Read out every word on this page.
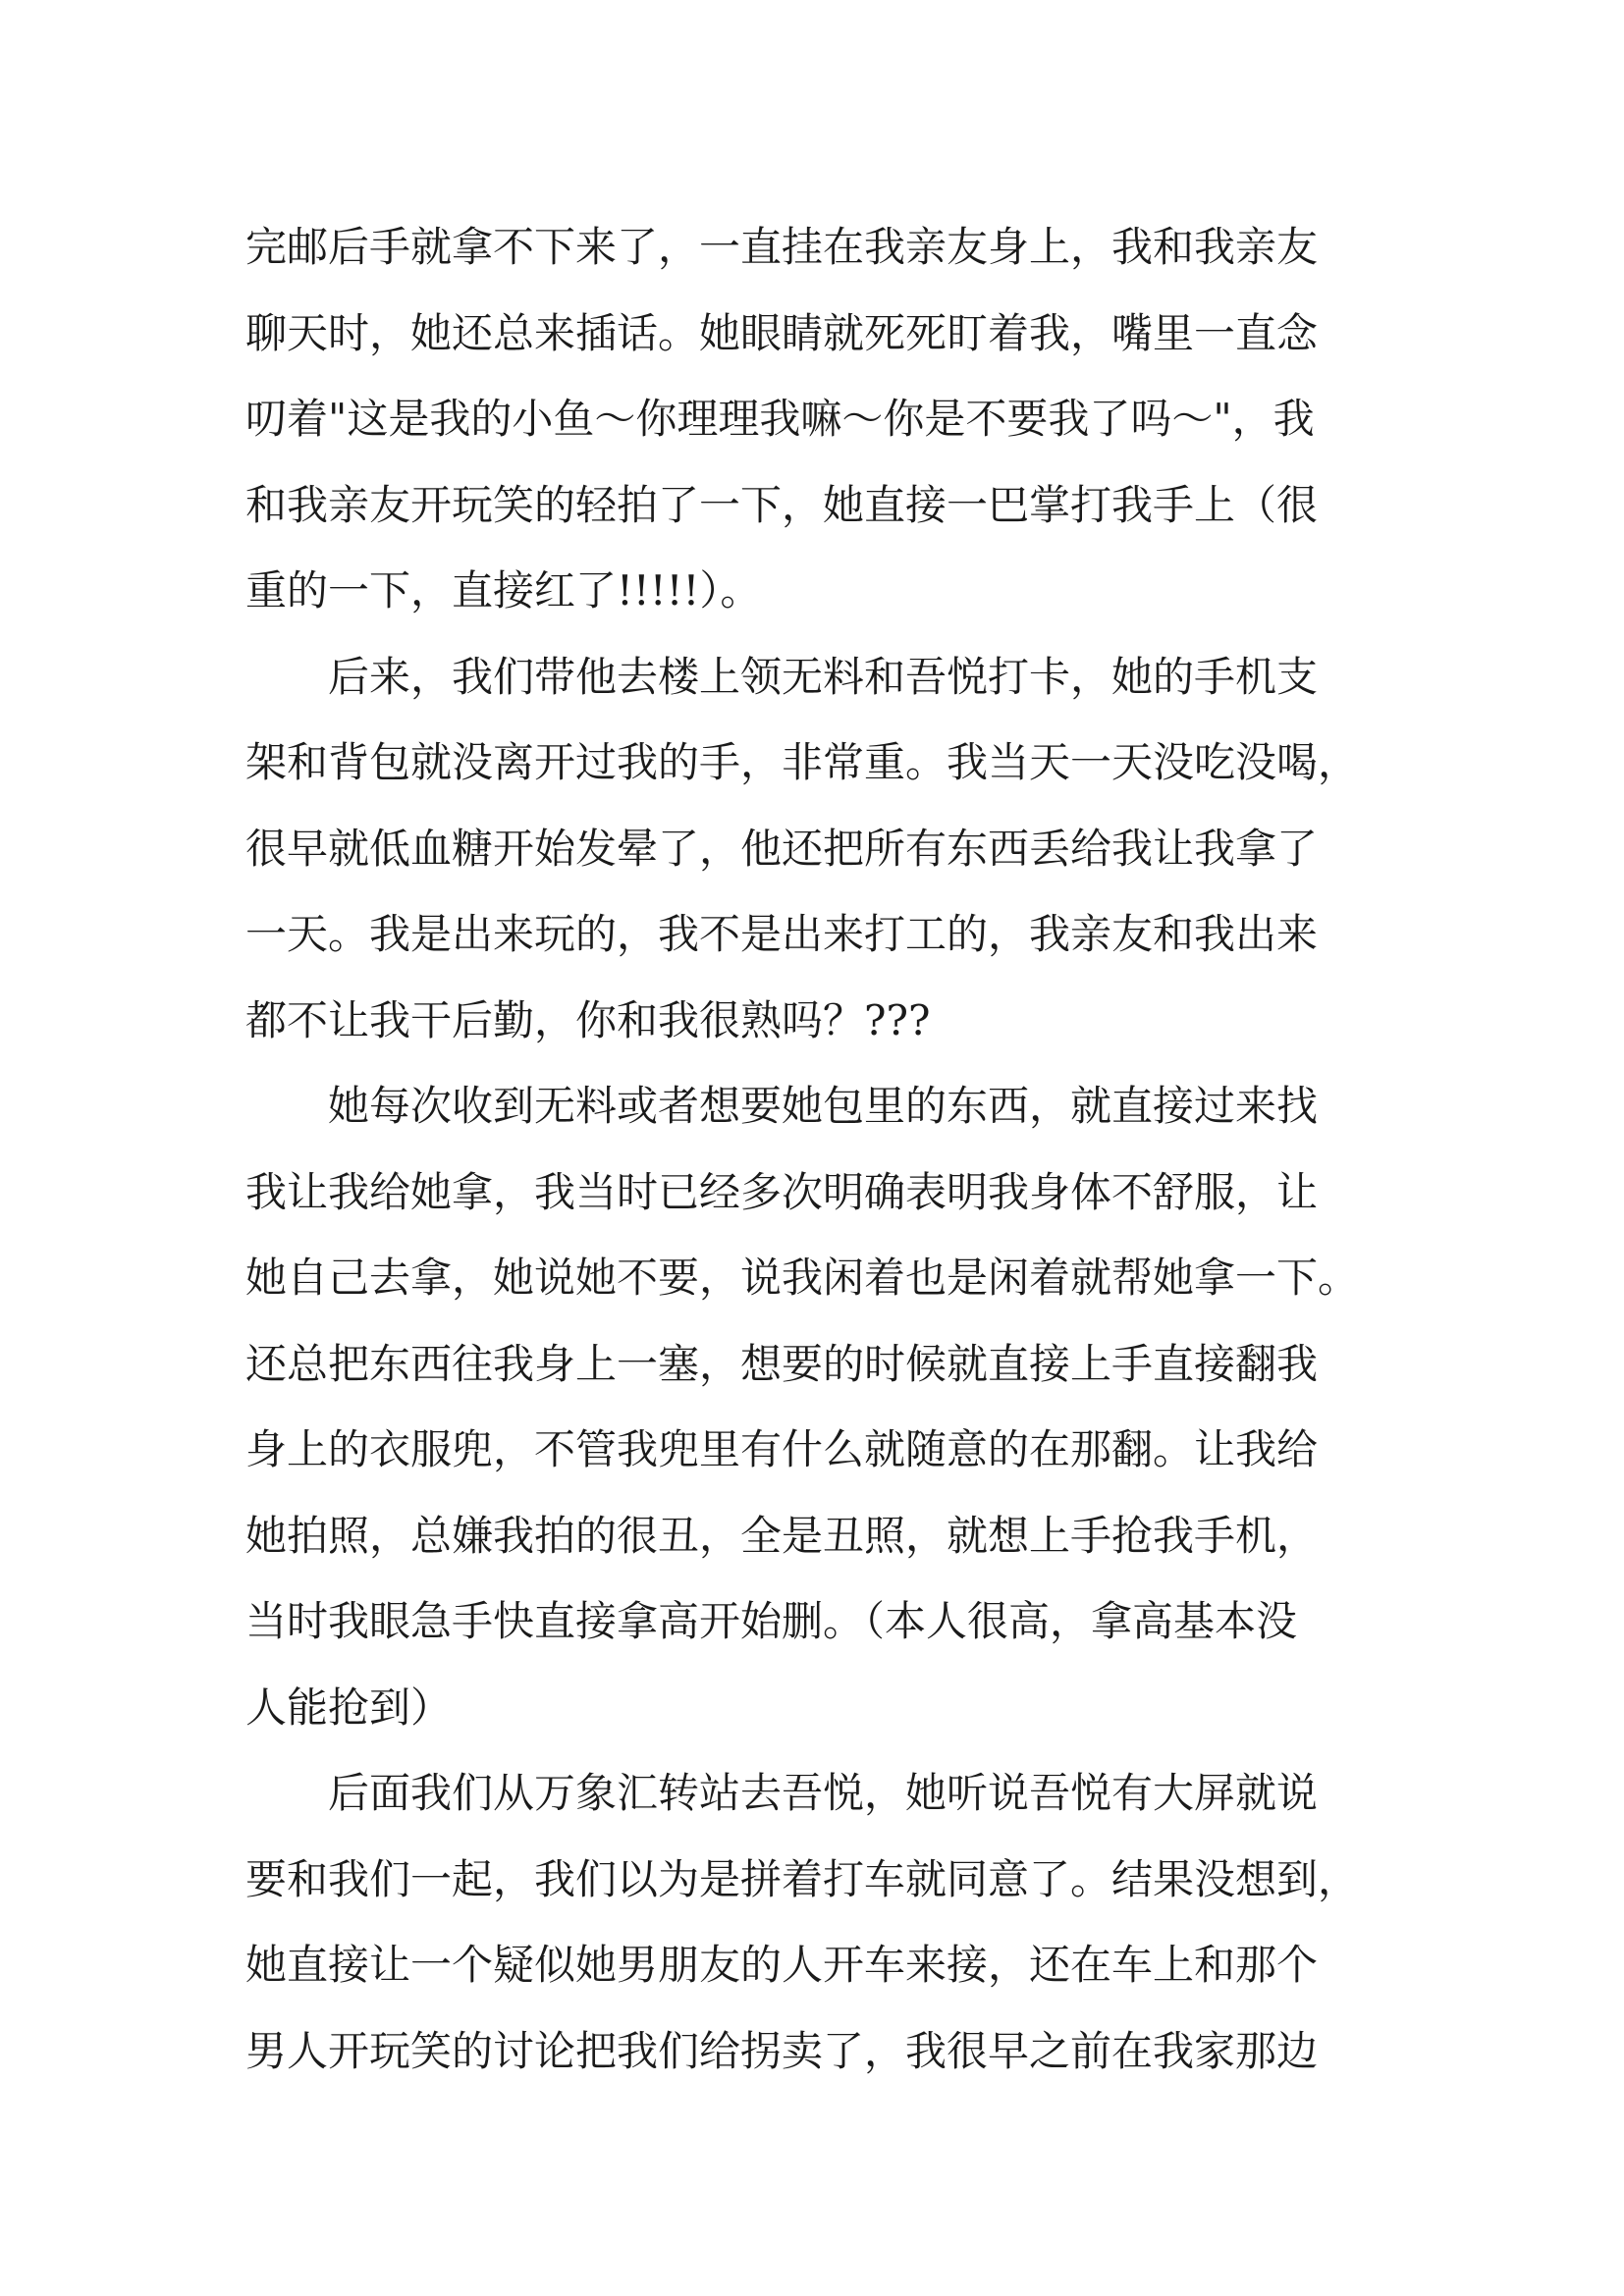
完邮后手就拿不下来了，一直挂在我亲友身上，我和我亲友
聊天时，她还总来插话。她眼睛就死死盯着我，嘴里一直念
叨着"这是我的小鱼～你理理我嘛～你是不要我了吗～"，我
和我亲友开玩笑的轻拍了一下，她直接一巴掌打我手上（很
重的一下，直接红了!!!!!）。
　　后来，我们带他去楼上领无料和吾悦打卡，她的手机支
架和背包就没离开过我的手，非常重。我当天一天没吃没喝，
很早就低血糖开始发晕了，他还把所有东西丢给我让我拿了
一天。我是出来玩的，我不是出来打工的，我亲友和我出来
都不让我干后勤，你和我很熟吗？???
　　她每次收到无料或者想要她包里的东西，就直接过来找
我让我给她拿，我当时已经多次明确表明我身体不舒服，让
她自己去拿，她说她不要，说我闲着也是闲着就帮她拿一下。
还总把东西往我身上一塞，想要的时候就直接上手直接翻我
身上的衣服兜，不管我兜里有什么就随意的在那翻。让我给
她拍照，总嫌我拍的很丑，全是丑照，就想上手抢我手机，
当时我眼急手快直接拿高开始删。（本人很高，拿高基本没
人能抢到）
　　后面我们从万象汇转站去吾悦，她听说吾悦有大屏就说
要和我们一起，我们以为是拼着打车就同意了。结果没想到，
她直接让一个疑似她男朋友的人开车来接，还在车上和那个
男人开玩笑的讨论把我们给拐卖了，我很早之前在我家那边
